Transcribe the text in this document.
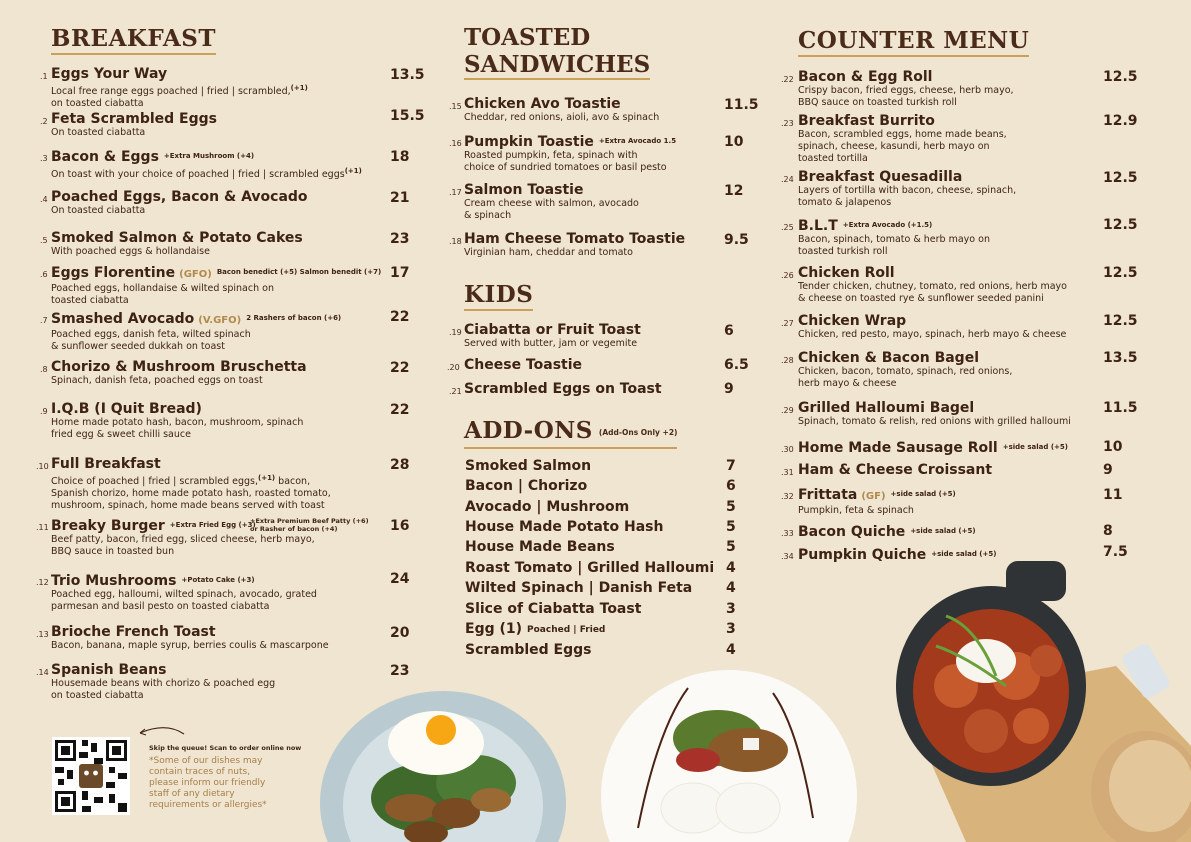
BREAKFAST
.1 Eggs Your Way
Local free range eggs poached | fried | scrambled,$^{(+1)}$
on toasted ciabatta
13.5
.2 Feta Scrambled Eggs
On toasted ciabatta
15.5
.3 Bacon & Eggs $^{+Extra Mushroom (+4)}$
On toast with your choice of poached | fried | scrambled eggs$^{(+1)}$
18
.4 Poached Eggs, Bacon & Avocado
On toasted ciabatta
21
.5 Smoked Salmon & Potato Cakes
With poached eggs & hollandaise
23
.6 Eggs Florentine (GFO) $^{Bacon benedict (+5) Salmon benedit (+7)}$
Poached eggs, hollandaise & wilted spinach on
toasted ciabatta
17
.7 Smashed Avocado (V.GFO) $^{2 Rashers of bacon (+6)}$
Poached eggs, danish feta, wilted spinach
& sunflower seeded dukkah on toast
22
.8 Chorizo & Mushroom Bruschetta
Spinach, danish feta, poached eggs on toast
22
.9 I.Q.B (I Quit Bread)
Home made potato hash, bacon, mushroom, spinach
fried egg & sweet chilli sauce
22
.10 Full Breakfast
Choice of poached | fried | scrambled eggs,$^{(+1)}$ bacon,
Spanish chorizo, home made potato hash, roasted tomato,
mushroom, spinach, home made beans served with toast
28
.11 Breaky Burger $^{+Extra Fried Egg (+3)}$
Beef patty, bacon, fried egg, sliced cheese, herb mayo,
BBQ sauce in toasted bun
+Extra Premium Beef Patty (+6)
or Rasher of bacon (+4)	16
.12 Trio Mushrooms $^{+Potato Cake (+3)}$
Poached egg, halloumi, wilted spinach, avocado, grated
parmesan and basil pesto on toasted ciabatta
24
.13 Brioche French Toast
Bacon, banana, maple syrup, berries coulis & mascarpone
20
.14 Spanish Beans
Housemade beans with chorizo & poached egg
on toasted ciabatta
23
Skip the queue! Scan to order online now
*Some of our dishes may
contain traces of nuts,
please inform our friendly
staff of any dietary
requirements or allergies*
TOASTED
SANDWICHES
.15 Chicken Avo Toastie
Cheddar, red onions, aioli, avo & spinach
11.5
.16 Pumpkin Toastie $^{+Extra Avocado 1.5}$
Roasted pumpkin, feta, spinach with
choice of sundried tomatoes or basil pesto
10
.17 Salmon Toastie
Cream cheese with salmon, avocado
& spinach
12
.18 Ham Cheese Tomato Toastie
Virginian ham, cheddar and tomato
9.5
KIDS
.19 Ciabatta or Fruit Toast
Served with butter, jam or vegemite
6
.20 Cheese Toastie	6.5
.21 Scrambled Eggs on Toast	9
ADD-ONS (Add-Ons Only +2)
Smoked Salmon	7
Bacon | Chorizo	6
Avocado | Mushroom	5
House Made Potato Hash	5
House Made Beans	5
Roast Tomato | Grilled Halloumi 4
Wilted Spinach | Danish Feta 4
Slice of Ciabatta Toast	3
Egg (1) Poached | Fried	3
Scrambled Eggs	4
COUNTER MENU
.22 Bacon & Egg Roll
Crispy bacon, fried eggs, cheese, herb mayo,
BBQ sauce on toasted turkish roll
12.5
.23 Breakfast Burrito
Bacon, scrambled eggs, home made beans,
spinach, cheese, kasundi, herb mayo on
toasted tortilla
12.9
.24 Breakfast Quesadilla
Layers of tortilla with bacon, cheese, spinach,
tomato & jalapenos
12.5
.25 B.L.T $^{+Extra Avocado (+1.5)}$
Bacon, spinach, tomato & herb mayo on
toasted turkish roll
12.5
.26 Chicken Roll
Tender chicken, chutney, tomato, red onions, herb mayo
& cheese on toasted rye & sunflower seeded panini
12.5
.27 Chicken Wrap
Chicken, red pesto, mayo, spinach, herb mayo & cheese
12.5
.28 Chicken & Bacon Bagel
Chicken, bacon, tomato, spinach, red onions,
herb mayo & cheese
13.5
.29 Grilled Halloumi Bagel
Spinach, tomato & relish, red onions with grilled halloumi
11.5
.30 Home Made Sausage Roll $^{+side salad (+5)}$	10
.31 Ham & Cheese Croissant	9
.32 Frittata (GF) $^{+side salad (+5)}$
Pumpkin, feta & spinach
11
.33 Bacon Quiche $^{+side salad (+5)}$	8
.34 Pumpkin Quiche $^{+side salad (+5)}$	7.5
